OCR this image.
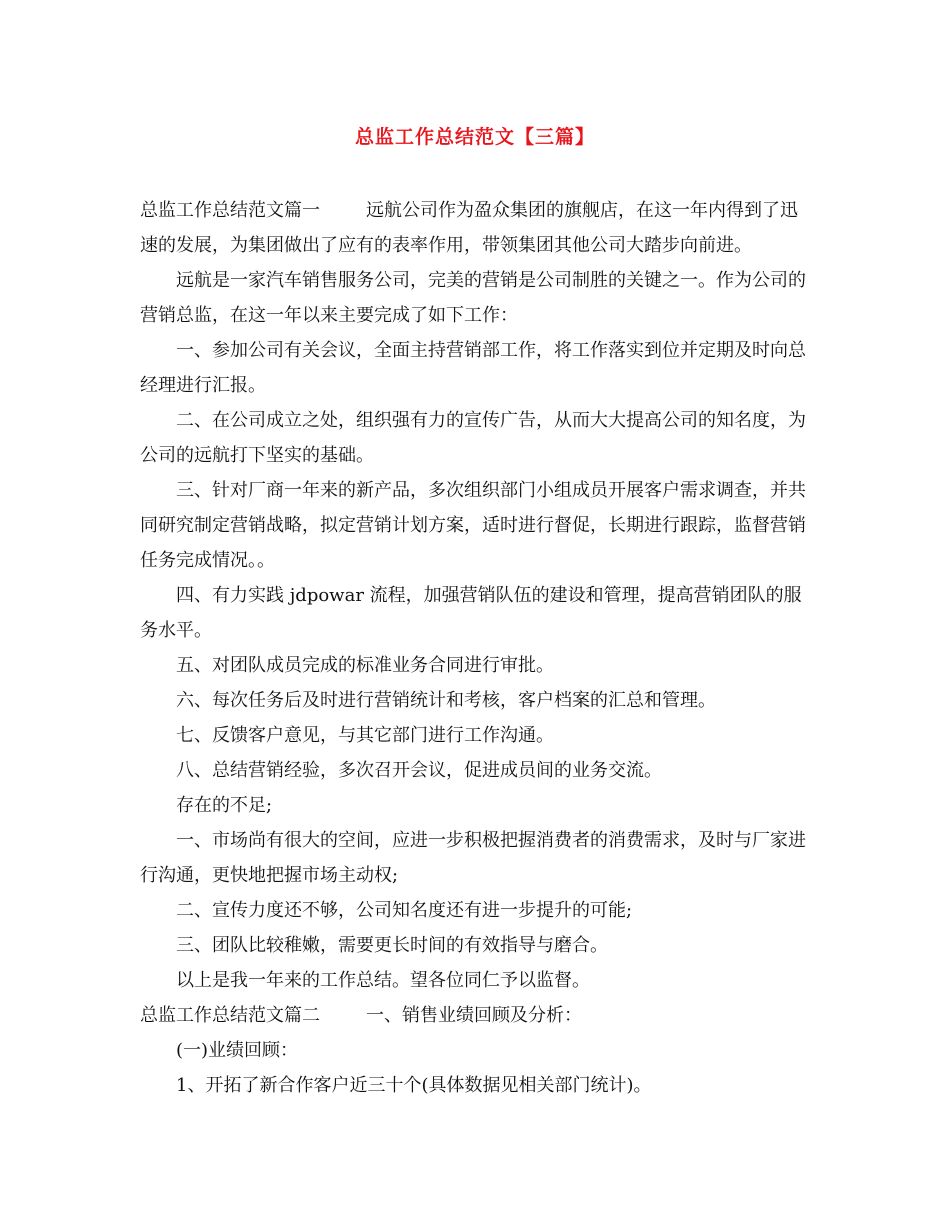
总监工作总结范文【三篇】

总监工作总结范文篇一	远航公司作为盈众集团的旗舰店，在这一年内得到了迅速的发展，为集团做出了应有的表率作用，带领集团其他公司大踏步向前进。

远航是一家汽车销售服务公司，完美的营销是公司制胜的关键之一。作为公司的营销总监，在这一年以来主要完成了如下工作：

一、参加公司有关会议，全面主持营销部工作，将工作落实到位并定期及时向总经理进行汇报。

二、在公司成立之处，组织强有力的宣传广告，从而大大提高公司的知名度，为公司的远航打下坚实的基础。

三、针对厂商一年来的新产品，多次组织部门小组成员开展客户需求调查，并共同研究制定营销战略，拟定营销计划方案，适时进行督促，长期进行跟踪，监督营销任务完成情况。。

四、有力实践 jdpowar 流程，加强营销队伍的建设和管理，提高营销团队的服务水平。

五、对团队成员完成的标准业务合同进行审批。

六、每次任务后及时进行营销统计和考核，客户档案的汇总和管理。

七、反馈客户意见，与其它部门进行工作沟通。

八、总结营销经验，多次召开会议，促进成员间的业务交流。

存在的不足;

一、市场尚有很大的空间，应进一步积极把握消费者的消费需求，及时与厂家进行沟通，更快地把握市场主动权;

二、宣传力度还不够，公司知名度还有进一步提升的可能;

三、团队比较稚嫩，需要更长时间的有效指导与磨合。

以上是我一年来的工作总结。望各位同仁予以监督。

总监工作总结范文篇二	一、销售业绩回顾及分析：

(一)业绩回顾：

1、开拓了新合作客户近三十个(具体数据见相关部门统计)。
